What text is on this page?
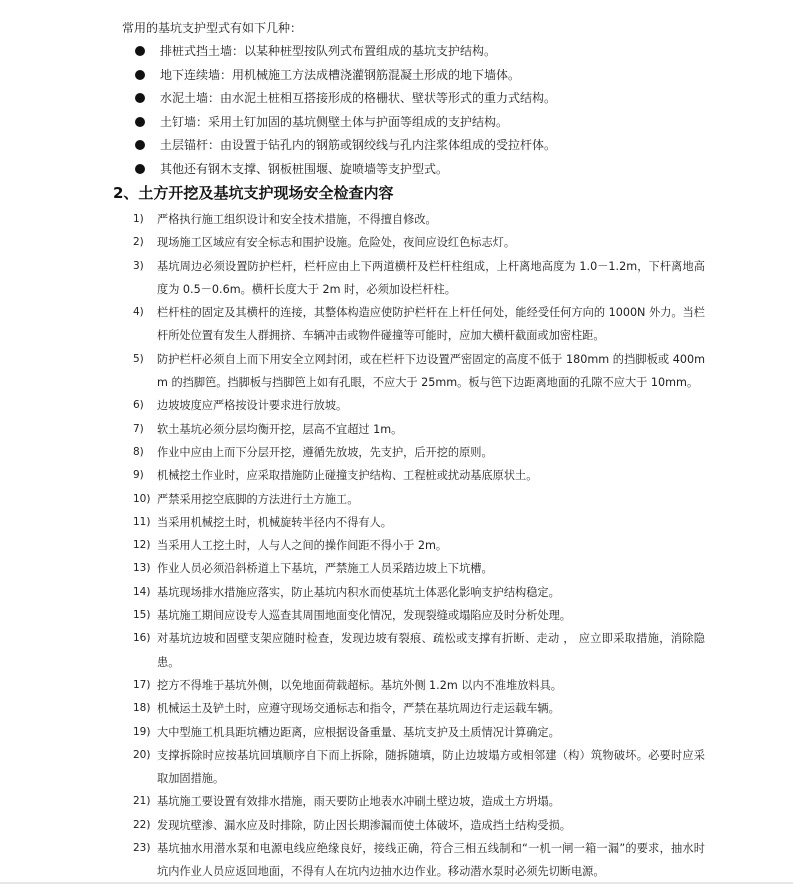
常用的基坑支护型式有如下几种：
排桩式挡土墙：以某种桩型按队列式布置组成的基坑支护结构。
地下连续墙：用机械施工方法成槽浇灌钢筋混凝土形成的地下墙体。
水泥土墙：由水泥土桩相互搭接形成的格栅状、壁状等形式的重力式结构。
土钉墙：采用土钉加固的基坑侧壁土体与护面等组成的支护结构。
土层锚杆：由设置于钻孔内的钢筋或钢绞线与孔内注浆体组成的受拉杆体。
其他还有钢木支撑、钢板桩围堰、旋喷墙等支护型式。
2、土方开挖及基坑支护现场安全检查内容
1)	严格执行施工组织设计和安全技术措施，不得擅自修改。
2)	现场施工区域应有安全标志和围护设施。危险处，夜间应设红色标志灯。
3)	基坑周边必须设置防护栏杆，栏杆应由上下两道横杆及栏杆柱组成，上杆离地高度为 1.0－1.2m，下杆离地高度为 0.5－0.6m。横杆长度大于 2m 时，必须加设栏杆柱。
4)	栏杆柱的固定及其横杆的连接，其整体构造应使防护栏杆在上杆任何处，能经受任何方向的 1000N 外力。当栏杆所处位置有发生人群拥挤、车辆冲击或物件碰撞等可能时，应加大横杆截面或加密柱距。
5)	防护栏杆必须自上而下用安全立网封闭，或在栏杆下边设置严密固定的高度不低于 180mm 的挡脚板或 400mm 的挡脚笆。挡脚板与挡脚笆上如有孔眼，不应大于 25mm。板与笆下边距离地面的孔隙不应大于 10mm。
6)	边坡坡度应严格按设计要求进行放坡。
7)	软土基坑必须分层均衡开挖，层高不宜超过 1m。
8)	作业中应由上而下分层开挖，遵循先放坡，先支护，后开挖的原则。
9)	机械挖土作业时，应采取措施防止碰撞支护结构、工程桩或扰动基底原状土。
10) 严禁采用挖空底脚的方法进行土方施工。
11) 当采用机械挖土时，机械旋转半径内不得有人。
12) 当采用人工挖土时，人与人之间的操作间距不得小于 2m。
13) 作业人员必须沿斜桥道上下基坑，严禁施工人员采踏边坡上下坑槽。
14) 基坑现场排水措施应落实，防止基坑内积水而使基坑土体恶化影响支护结构稳定。
15) 基坑施工期间应设专人巡查其周围地面变化情况，发现裂缝或塌陷应及时分析处理。
16) 对基坑边坡和固壁支架应随时检查，发现边坡有裂痕、疏松或支撑有折断、走动 ， 应立即采取措施，消除隐患。
17) 挖方不得堆于基坑外侧，以免地面荷载超标。基坑外侧 1.2m 以内不准堆放料具。
18) 机械运土及铲土时，应遵守现场交通标志和指令，严禁在基坑周边行走运载车辆。
19) 大中型施工机具距坑槽边距离，应根据设备重量、基坑支护及土质情况计算确定。
20) 支撑拆除时应按基坑回填顺序自下而上拆除，随拆随填，防止边坡塌方或相邻建（构）筑物破坏。必要时应采取加固措施。
21) 基坑施工要设置有效排水措施，雨天要防止地表水冲刷土壁边坡，造成土方坍塌。
22) 发现坑壁渗、漏水应及时排除，防止因长期渗漏而使土体破坏，造成挡土结构受损。
23) 基坑抽水用潜水泵和电源电线应绝缘良好，接线正确，符合三相五线制和“一机一闸一箱一漏”的要求，抽水时坑内作业人员应返回地面，不得有人在坑内边抽水边作业。移动潜水泵时必须先切断电源。
